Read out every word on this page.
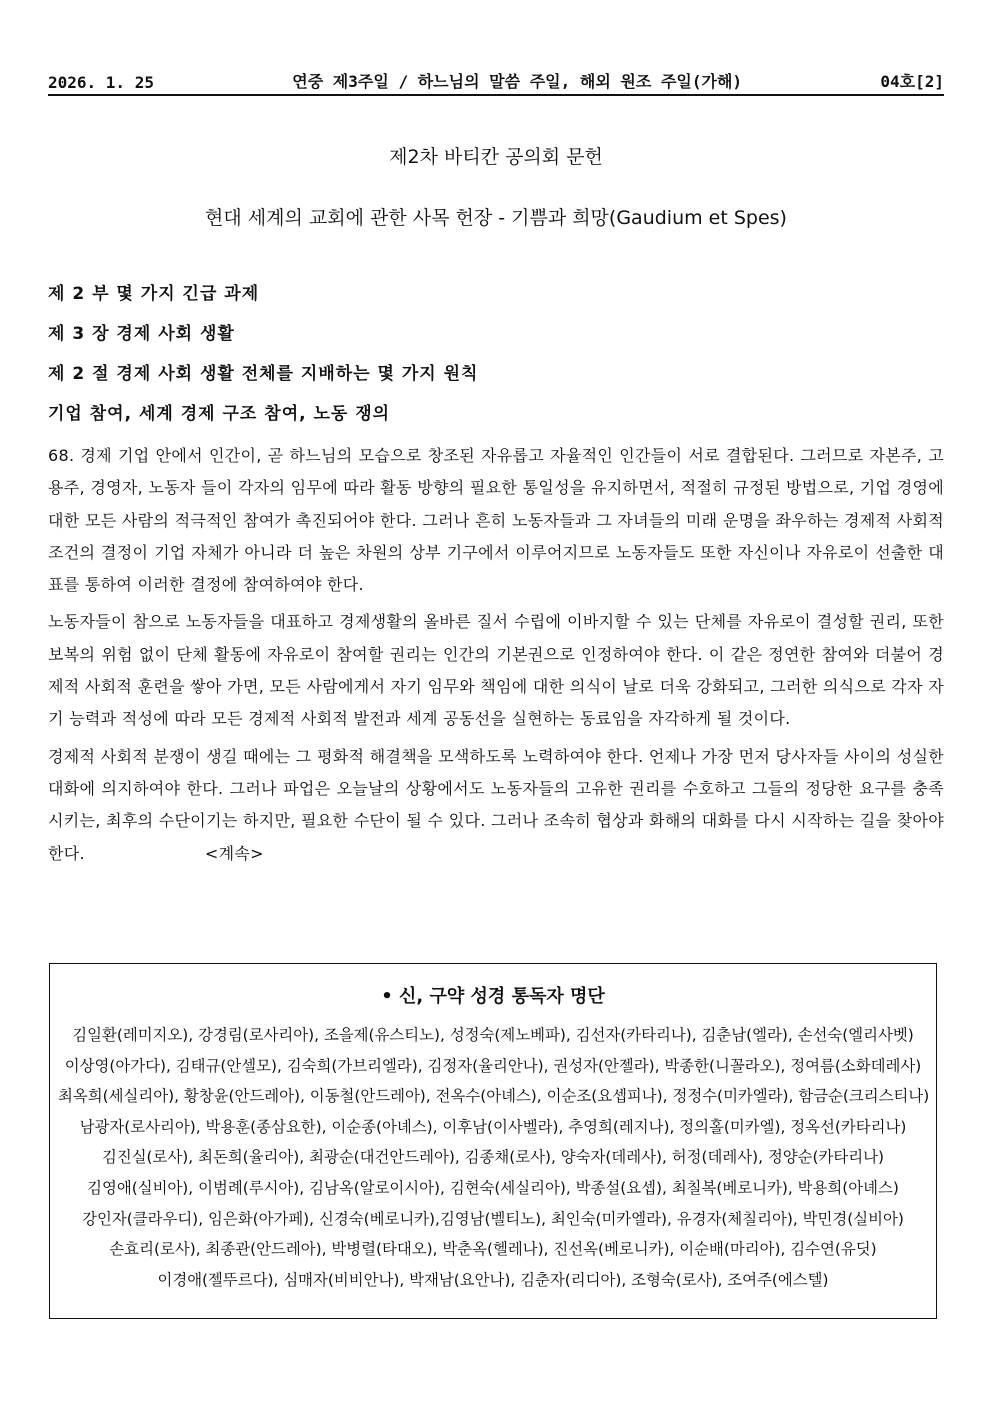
2026. 1. 25	연중 제3주일 / 하느님의 말씀 주일, 해외 원조 주일(가해)	04호[2]
제2차 바티칸 공의회 문헌
현대 세계의 교회에 관한 사목 헌장 - 기쁨과 희망(Gaudium et Spes)
제 2 부 몇 가지 긴급 과제
제 3 장 경제 사회 생활
제 2 절 경제 사회 생활 전체를 지배하는 몇 가지 원칙
기업 참여, 세계 경제 구조 참여, 노동 쟁의

68. 경제 기업 안에서 인간이, 곧 하느님의 모습으로 창조된 자유롭고 자율적인 인간들이 서로 결합된다. 그러므로 자본주, 고용주, 경영자, 노동자 들이 각자의 임무에 따라 활동 방향의 필요한 통일성을 유지하면서, 적절히 규정된 방법으로, 기업 경영에 대한 모든 사람의 적극적인 참여가 촉진되어야 한다. 그러나 흔히 노동자들과 그 자녀들의 미래 운명을 좌우하는 경제적 사회적 조건의 결정이 기업 자체가 아니라 더 높은 차원의 상부 기구에서 이루어지므로 노동자들도 또한 자신이나 자유로이 선출한 대표를 통하여 이러한 결정에 참여하여야 한다.

노동자들이 참으로 노동자들을 대표하고 경제생활의 올바른 질서 수립에 이바지할 수 있는 단체를 자유로이 결성할 권리, 또한 보복의 위험 없이 단체 활동에 자유로이 참여할 권리는 인간의 기본권으로 인정하여야 한다. 이 같은 정연한 참여와 더불어 경제적 사회적 훈련을 쌓아 가면, 모든 사람에게서 자기 임무와 책임에 대한 의식이 날로 더욱 강화되고, 그러한 의식으로 각자 자기 능력과 적성에 따라 모든 경제적 사회적 발전과 세계 공동선을 실현하는 동료임을 자각하게 될 것이다.

경제적 사회적 분쟁이 생길 때에는 그 평화적 해결책을 모색하도록 노력하여야 한다. 언제나 가장 먼저 당사자들 사이의 성실한 대화에 의지하여야 한다. 그러나 파업은 오늘날의 상황에서도 노동자들의 고유한 권리를 수호하고 그들의 정당한 요구를 충족시키는, 최후의 수단이기는 하지만, 필요한 수단이 될 수 있다. 그러나 조속히 협상과 화해의 대화를 다시 시작하는 길을 찾아야 한다.	<계속>

• 신, 구약 성경 통독자 명단
김일환(레미지오), 강경림(로사리아), 조을제(유스티노), 성정숙(제노베파), 김선자(카타리나), 김춘남(엘라), 손선숙(엘리사벳)
이상영(아가다), 김태규(안셀모), 김숙희(가브리엘라), 김정자(율리안나), 권성자(안젤라), 박종한(니꼴라오), 정여름(소화데레사)
최옥희(세실리아), 황창윤(안드레아), 이동철(안드레아), 전옥수(아녜스), 이순조(요셉피나), 정정수(미카엘라), 함금순(크리스티나)
남광자(로사리아), 박용훈(종삼요한), 이순종(아녜스), 이후남(이사벨라), 추영희(레지나), 정의홀(미카엘), 정옥선(카타리나)
김진실(로사), 최돈희(율리아), 최광순(대건안드레아), 김종채(로사), 양숙자(데레사), 허정(데레사), 정양순(카타리나)
김영애(실비아), 이범례(루시아), 김남옥(알로이시아), 김현숙(세실리아), 박종설(요셉), 최칠복(베로니카), 박용희(아녜스)
강인자(클라우디), 임은화(아가페), 신경숙(베로니카),김영남(벨티노), 최인숙(미카엘라), 유경자(체칠리아), 박민경(실비아)
손효리(로사), 최종관(안드레아), 박병렬(타대오), 박춘옥(헬레나), 진선옥(베로니카), 이순배(마리아), 김수연(유딧)
이경애(젤뚜르다), 심매자(비비안나), 박재남(요안나), 김춘자(리디아), 조형숙(로사), 조여주(에스텔)
